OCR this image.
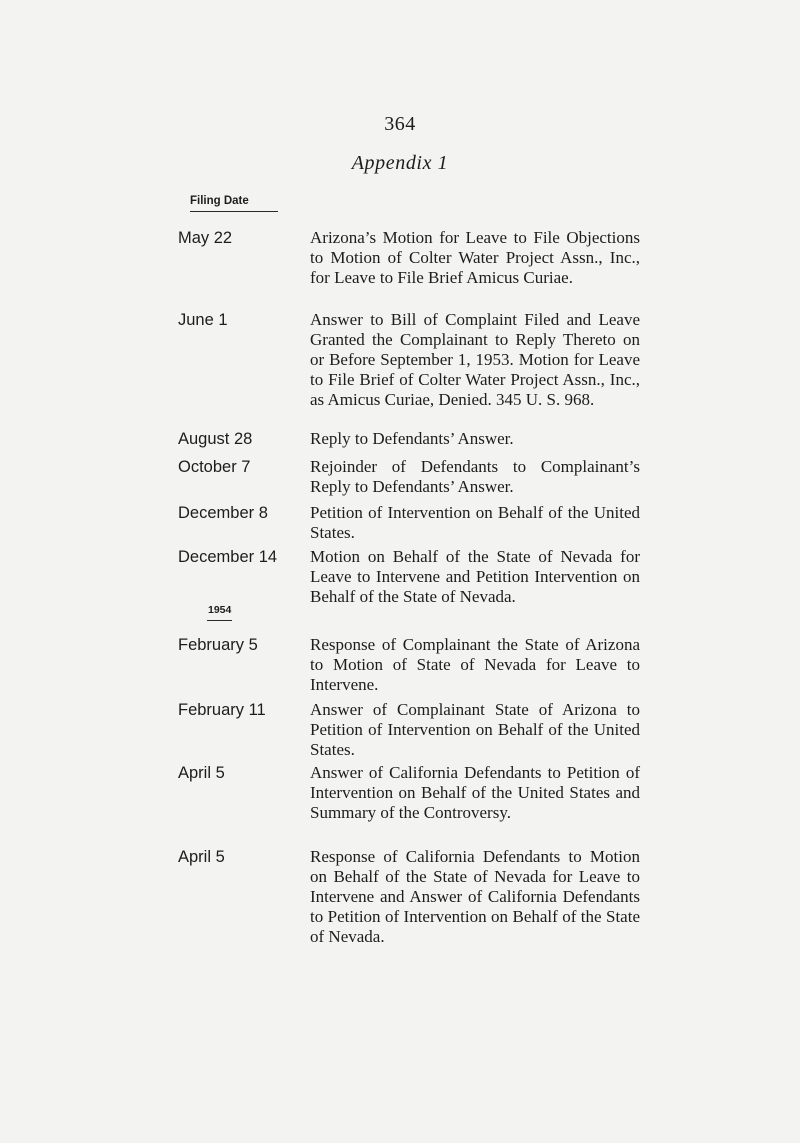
364
Appendix 1
Filing Date
May 22	Arizona’s Motion for Leave to File Objections to Motion of Colter Water Project Assn., Inc., for Leave to File Brief Amicus Curiae.
June 1	Answer to Bill of Complaint Filed and Leave Granted the Complainant to Reply Thereto on or Before September 1, 1953. Motion for Leave to File Brief of Colter Water Project Assn., Inc., as Amicus Curiae, Denied. 345 U. S. 968.
August 28	Reply to Defendants’ Answer.
October 7	Rejoinder of Defendants to Complainant’s Reply to Defendants’ Answer.
December 8 Petition of Intervention on Behalf of the United States.
December 14 Motion on Behalf of the State of Nevada for Leave to Intervene and Petition Intervention on Behalf of the State of Nevada.
1954
February 5	Response of Complainant the State of Arizona to Motion of State of Nevada for Leave to Intervene.
February 11	Answer of Complainant State of Arizona to Petition of Intervention on Behalf of the United States.
April 5	Answer of California Defendants to Petition of Intervention on Behalf of the United States and Summary of the Controversy.
April 5	Response of California Defendants to Motion on Behalf of the State of Nevada for Leave to Intervene and Answer of California Defendants to Petition of Intervention on Behalf of the State of Nevada.
